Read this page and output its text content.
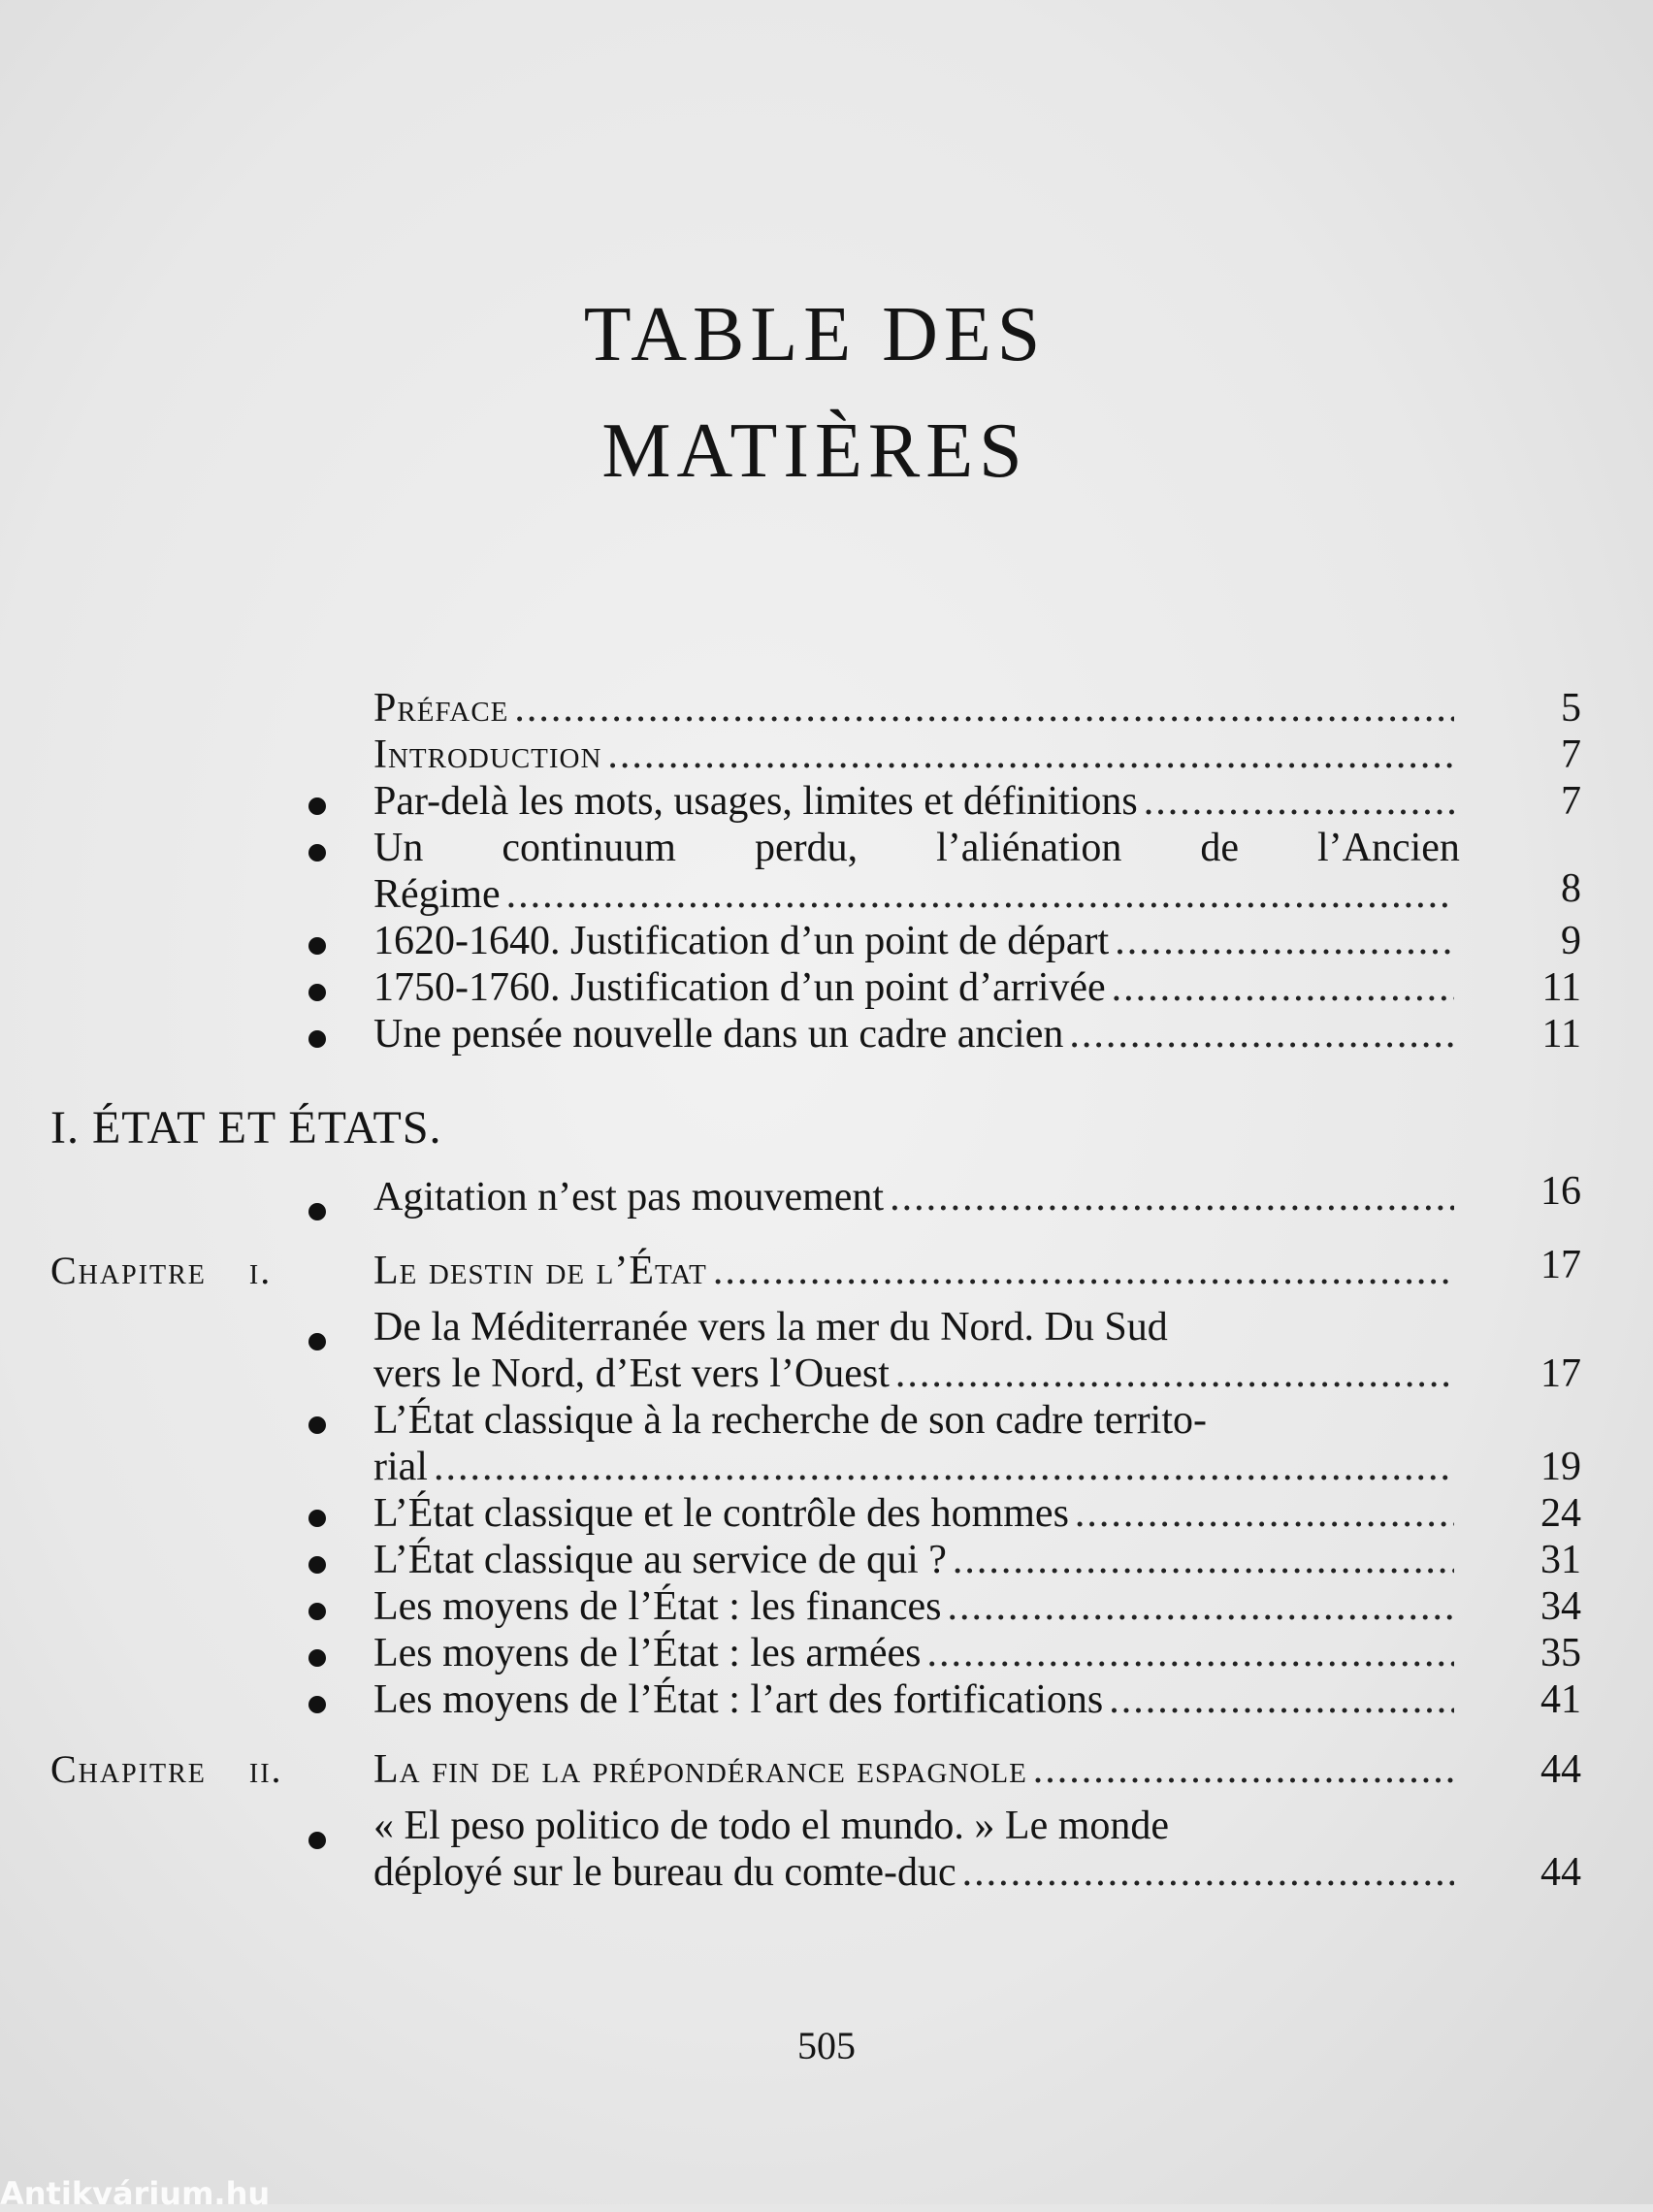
TABLE DES
MATIÈRES
Préface .....	5
Introduction .....	7
Par-delà les mots, usages, limites et définitions .....	7
Un continuum perdu, l’aliénation de l’Ancien
Régime .....	8
1620-1640. Justification d’un point de départ .....	9
1750-1760. Justification d’un point d’arrivée .....	11
Une pensée nouvelle dans un cadre ancien .....	11
I. ÉTAT ET ÉTATS.
Agitation n’est pas mouvement .....	16
Chapitre i. Le destin de l’État .....	17
De la Méditerranée vers la mer du Nord. Du Sud
vers le Nord, d’Est vers l’Ouest .....	17
L’État classique à la recherche de son cadre territo-
rial .....	19
L’État classique et le contrôle des hommes .....	24
L’État classique au service de qui ? .....	31
Les moyens de l’État : les finances .....	34
Les moyens de l’État : les armées .....	35
Les moyens de l’État : l’art des fortifications .....	41
Chapitre ii. La fin de la prépondérance espagnole .....	44
« El peso politico de todo el mundo. » Le monde
déployé sur le bureau du comte-duc .....	44
505
Antikvárium.hu
